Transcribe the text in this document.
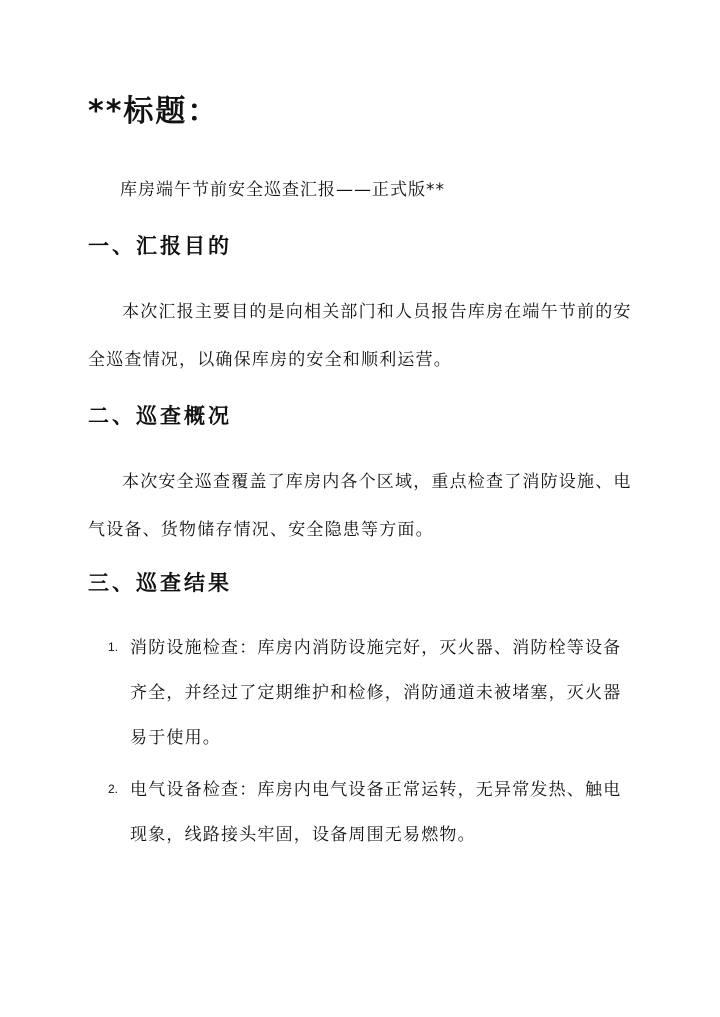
**标题：
库房端午节前安全巡查汇报——正式版**
一、汇报目的
本次汇报主要目的是向相关部门和人员报告库房在端午节前的安全巡查情况，以确保库房的安全和顺利运营。
二、巡查概况
本次安全巡查覆盖了库房内各个区域，重点检查了消防设施、电气设备、货物储存情况、安全隐患等方面。
三、巡查结果
1. 消防设施检查：库房内消防设施完好，灭火器、消防栓等设备齐全，并经过了定期维护和检修，消防通道未被堵塞，灭火器易于使用。
2. 电气设备检查：库房内电气设备正常运转，无异常发热、触电现象，线路接头牢固，设备周围无易燃物。
